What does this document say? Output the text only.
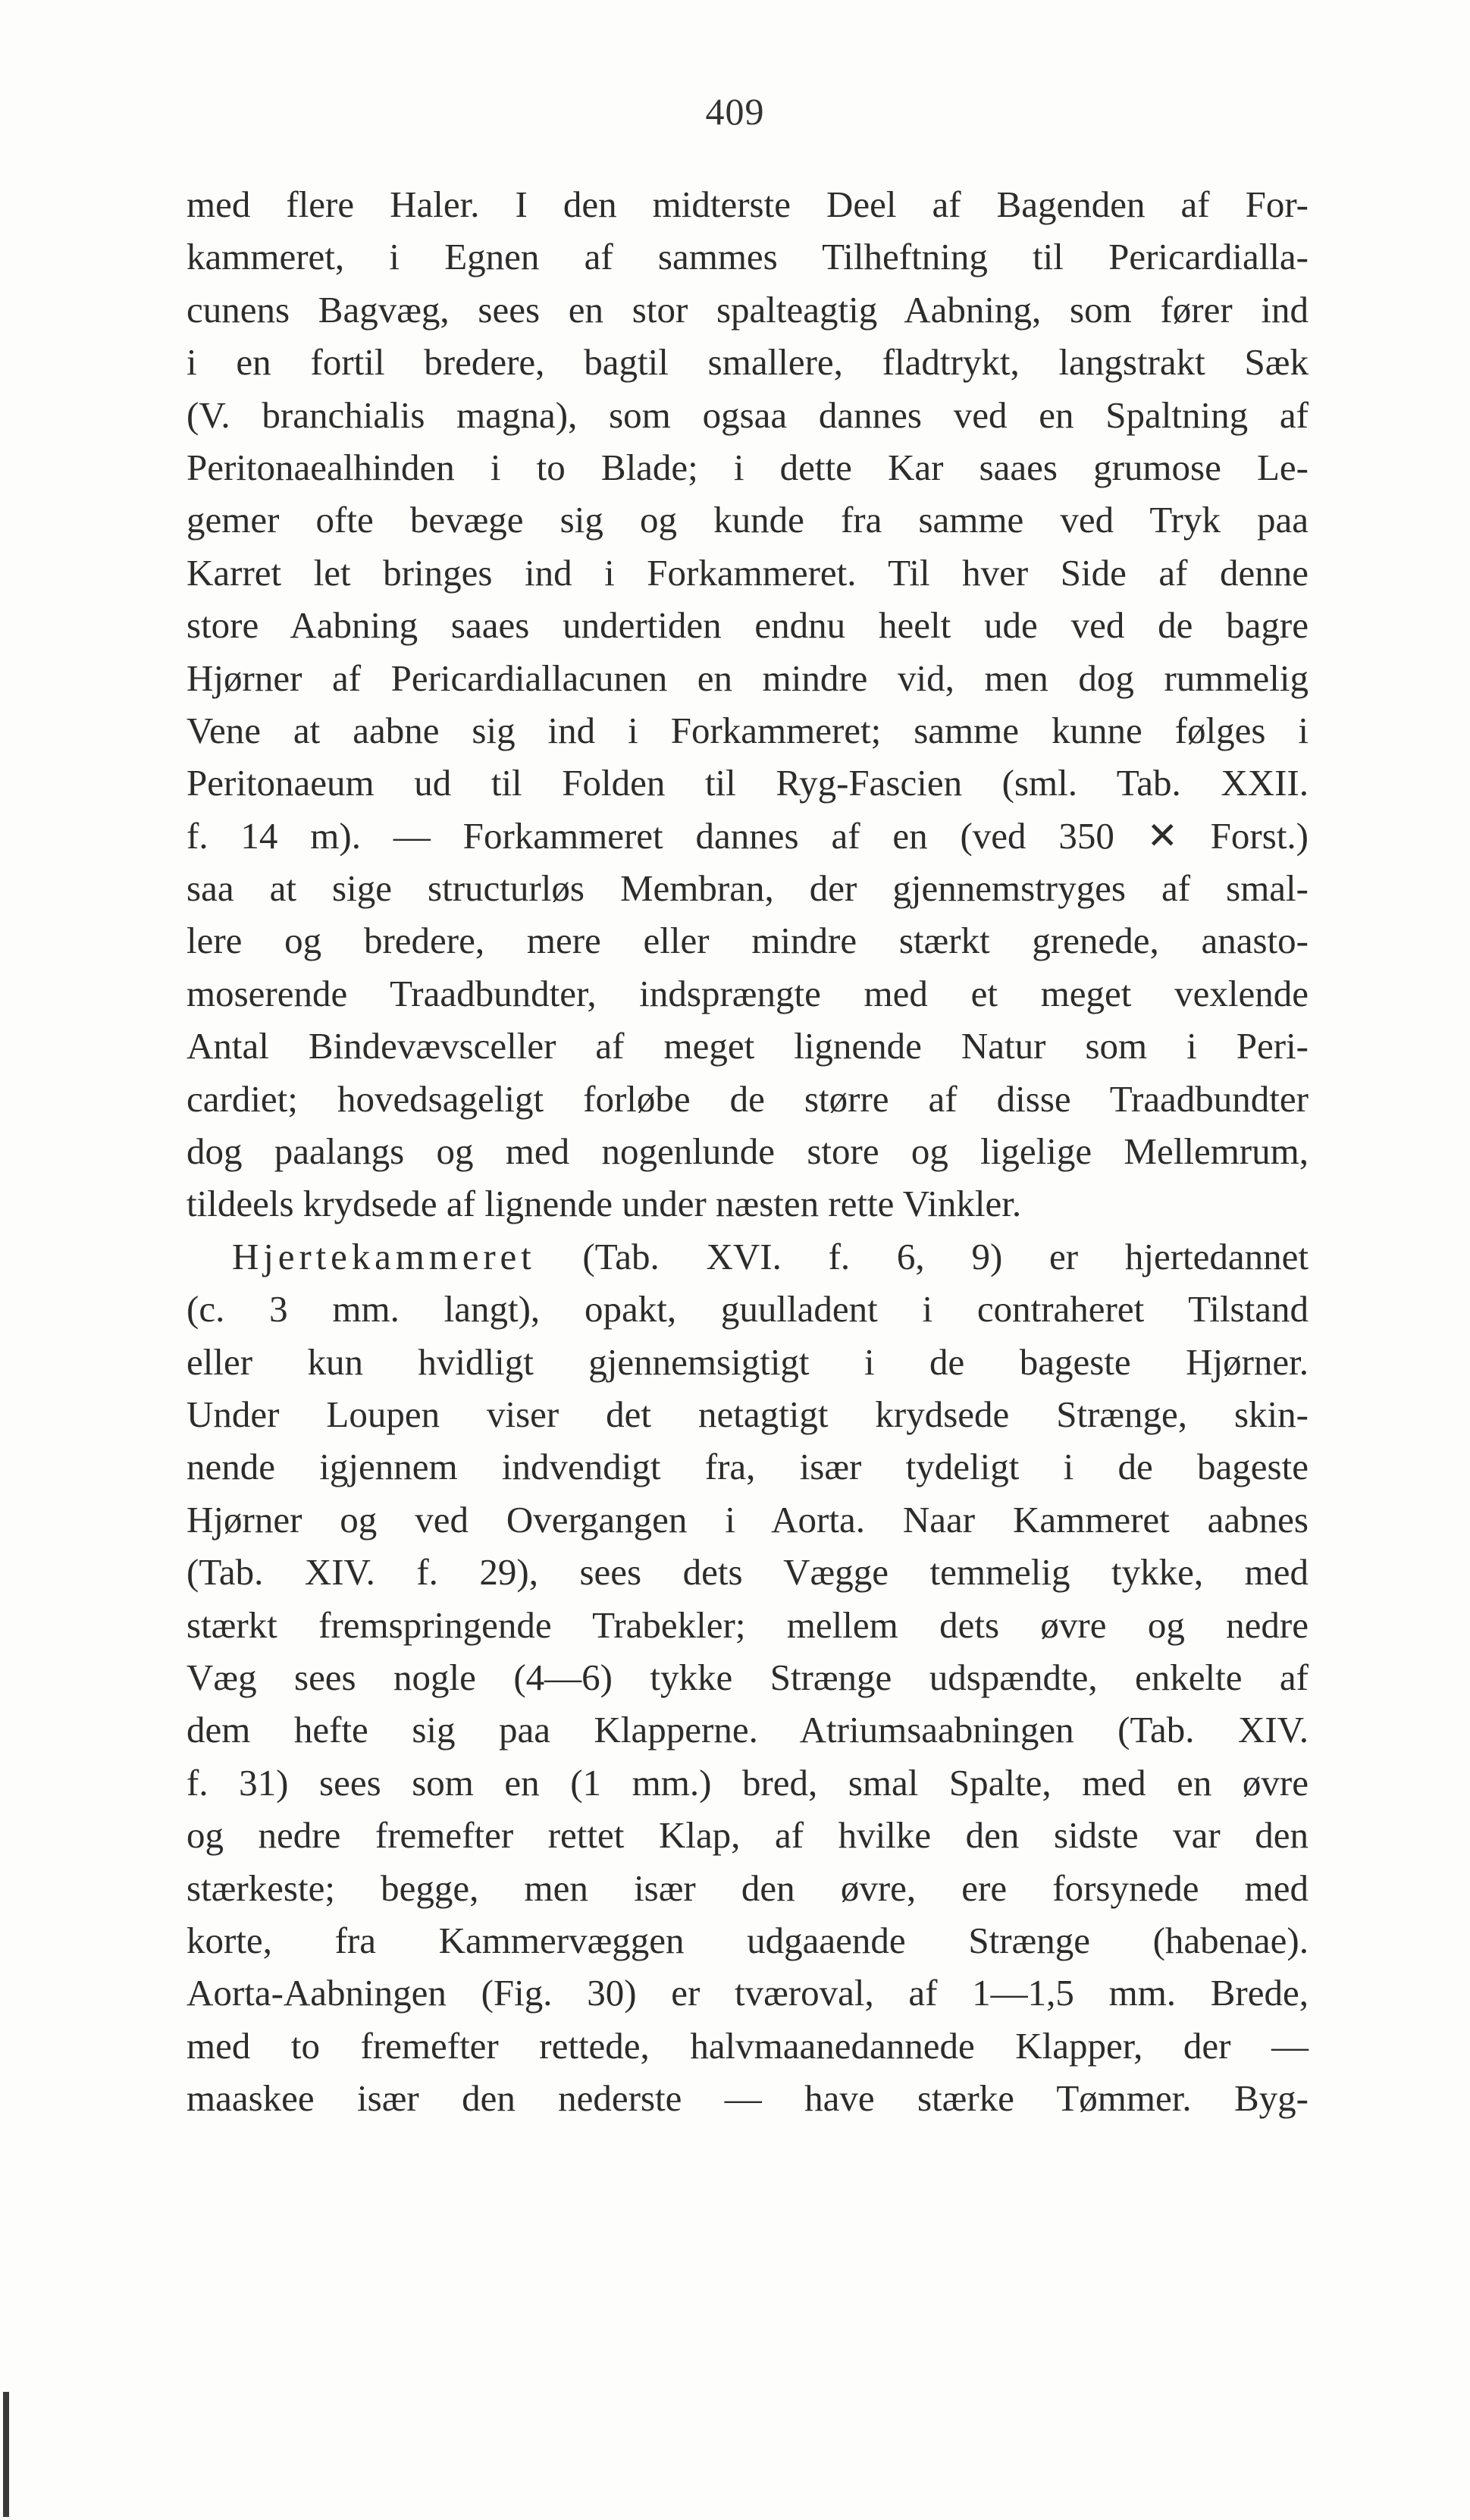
409
med flere Haler. I den midterste Deel af Bagenden af For-
kammeret, i Egnen af sammes Tilheftning til Pericardialla-
cunens Bagvæg, sees en stor spalteagtig Aabning, som fører ind
i en fortil bredere, bagtil smallere, fladtrykt, langstrakt Sæk
(V. branchialis magna), som ogsaa dannes ved en Spaltning af
Peritonaealhinden i to Blade; i dette Kar saaes grumose Le-
gemer ofte bevæge sig og kunde fra samme ved Tryk paa
Karret let bringes ind i Forkammeret. Til hver Side af denne
store Aabning saaes undertiden endnu heelt ude ved de bagre
Hjørner af Pericardiallacunen en mindre vid, men dog rummelig
Vene at aabne sig ind i Forkammeret; samme kunne følges i
Peritonaeum ud til Folden til Ryg-Fascien (sml. Tab. XXII.
f. 14 m). — Forkammeret dannes af en (ved 350 ✕ Forst.)
saa at sige structurløs Membran, der gjennemstryges af smal-
lere og bredere, mere eller mindre stærkt grenede, anasto-
moserende Traadbundter, indsprængte med et meget vexlende
Antal Bindevævsceller af meget lignende Natur som i Peri-
cardiet; hovedsageligt forløbe de større af disse Traadbundter
dog paalangs og med nogenlunde store og ligelige Mellemrum,
tildeels krydsede af lignende under næsten rette Vinkler.
Hjertekammeret (Tab. XVI. f. 6, 9) er hjertedannet
(c. 3 mm. langt), opakt, guulladent i contraheret Tilstand
eller kun hvidligt gjennemsigtigt i de bageste Hjørner.
Under Loupen viser det netagtigt krydsede Strænge, skin-
nende igjennem indvendigt fra, især tydeligt i de bageste
Hjørner og ved Overgangen i Aorta. Naar Kammeret aabnes
(Tab. XIV. f. 29), sees dets Vægge temmelig tykke, med
stærkt fremspringende Trabekler; mellem dets øvre og nedre
Væg sees nogle (4—6) tykke Strænge udspændte, enkelte af
dem hefte sig paa Klapperne. Atriumsaabningen (Tab. XIV.
f. 31) sees som en (1 mm.) bred, smal Spalte, med en øvre
og nedre fremefter rettet Klap, af hvilke den sidste var den
stærkeste; begge, men især den øvre, ere forsynede med
korte, fra Kammervæggen udgaaende Strænge (habenae).
Aorta-Aabningen (Fig. 30) er tværoval, af 1—1,5 mm. Brede,
med to fremefter rettede, halvmaanedannede Klapper, der —
maaskee især den nederste — have stærke Tømmer. Byg-
